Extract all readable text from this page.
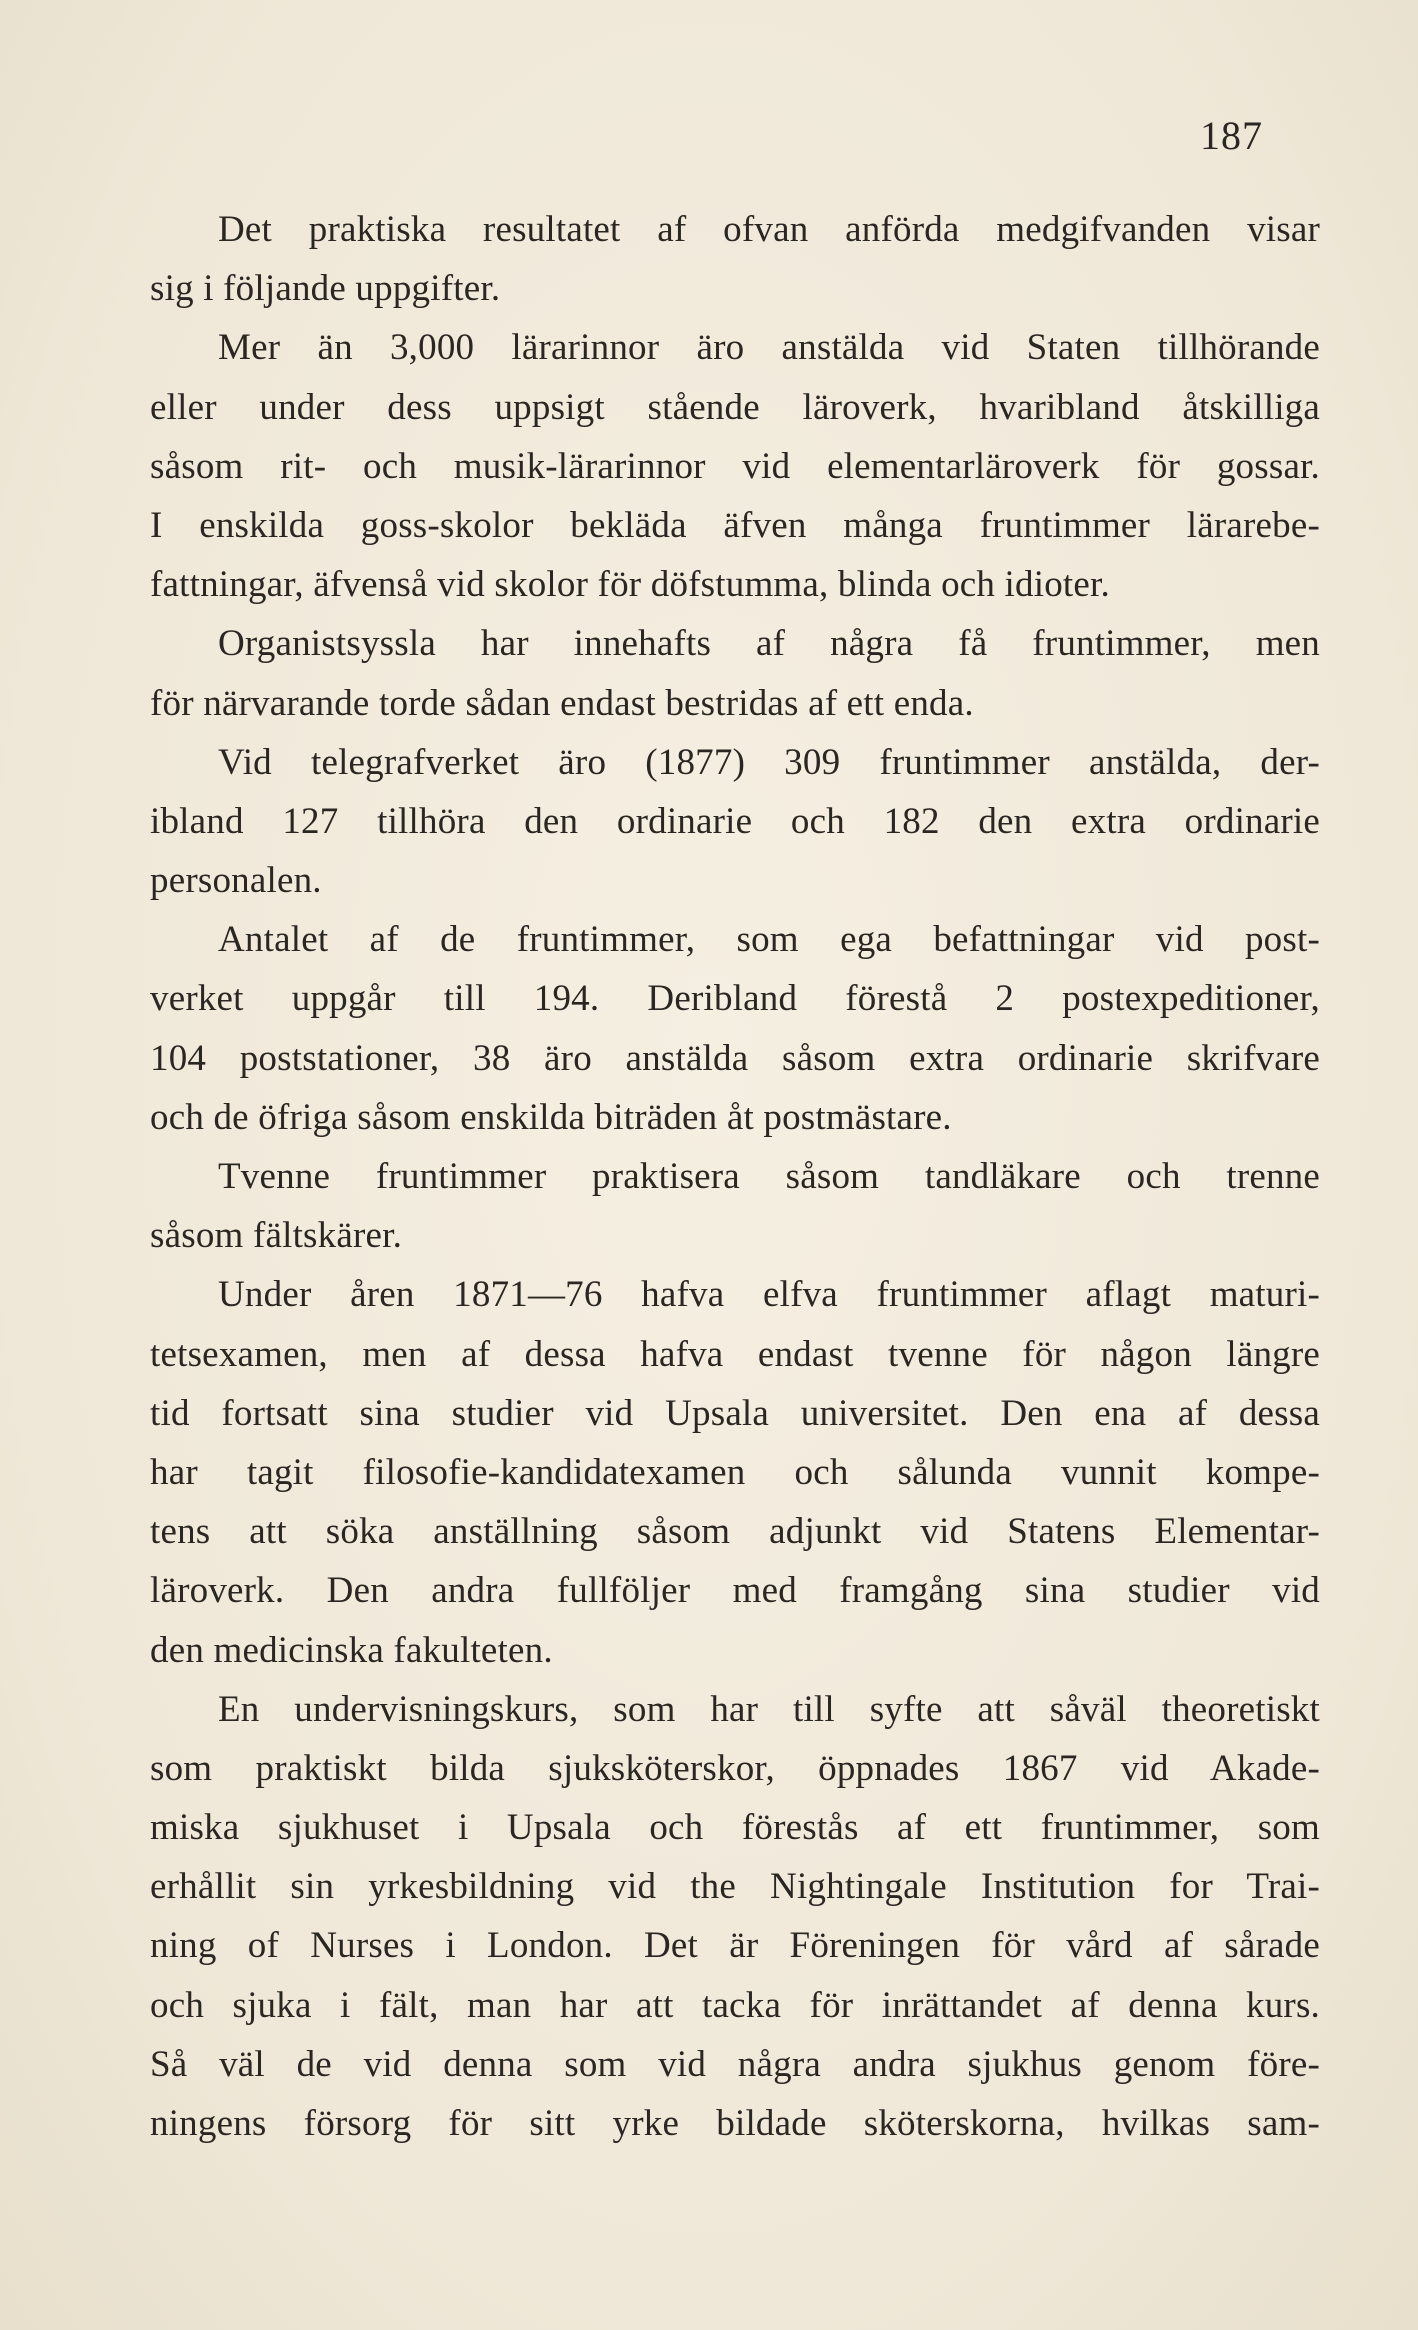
187
Det praktiska resultatet af ofvan anförda medgifvanden visar
sig i följande uppgifter.
Mer än 3,000 lärarinnor äro anstälda vid Staten tillhörande
eller under dess uppsigt stående läroverk, hvaribland åtskilliga
såsom rit- och musik-lärarinnor vid elementarläroverk för gossar.
I enskilda goss-skolor bekläda äfven många fruntimmer lärarebe-
fattningar, äfvenså vid skolor för döfstumma, blinda och idioter.
Organistsyssla har innehafts af några få fruntimmer, men
för närvarande torde sådan endast bestridas af ett enda.
Vid telegrafverket äro (1877) 309 fruntimmer anstälda, der-
ibland 127 tillhöra den ordinarie och 182 den extra ordinarie
personalen.
Antalet af de fruntimmer, som ega befattningar vid post-
verket uppgår till 194. Deribland förestå 2 postexpeditioner,
104 poststationer, 38 äro anstälda såsom extra ordinarie skrifvare
och de öfriga såsom enskilda biträden åt postmästare.
Tvenne fruntimmer praktisera såsom tandläkare och trenne
såsom fältskärer.
Under åren 1871—76 hafva elfva fruntimmer aflagt maturi-
tetsexamen, men af dessa hafva endast tvenne för någon längre
tid fortsatt sina studier vid Upsala universitet. Den ena af dessa
har tagit filosofie-kandidatexamen och sålunda vunnit kompe-
tens att söka anställning såsom adjunkt vid Statens Elementar-
läroverk. Den andra fullföljer med framgång sina studier vid
den medicinska fakulteten.
En undervisningskurs, som har till syfte att såväl theoretiskt
som praktiskt bilda sjuksköterskor, öppnades 1867 vid Akade-
miska sjukhuset i Upsala och förestås af ett fruntimmer, som
erhållit sin yrkesbildning vid the Nightingale Institution for Trai-
ning of Nurses i London. Det är Föreningen för vård af sårade
och sjuka i fält, man har att tacka för inrättandet af denna kurs.
Så väl de vid denna som vid några andra sjukhus genom före-
ningens försorg för sitt yrke bildade sköterskorna, hvilkas sam-
